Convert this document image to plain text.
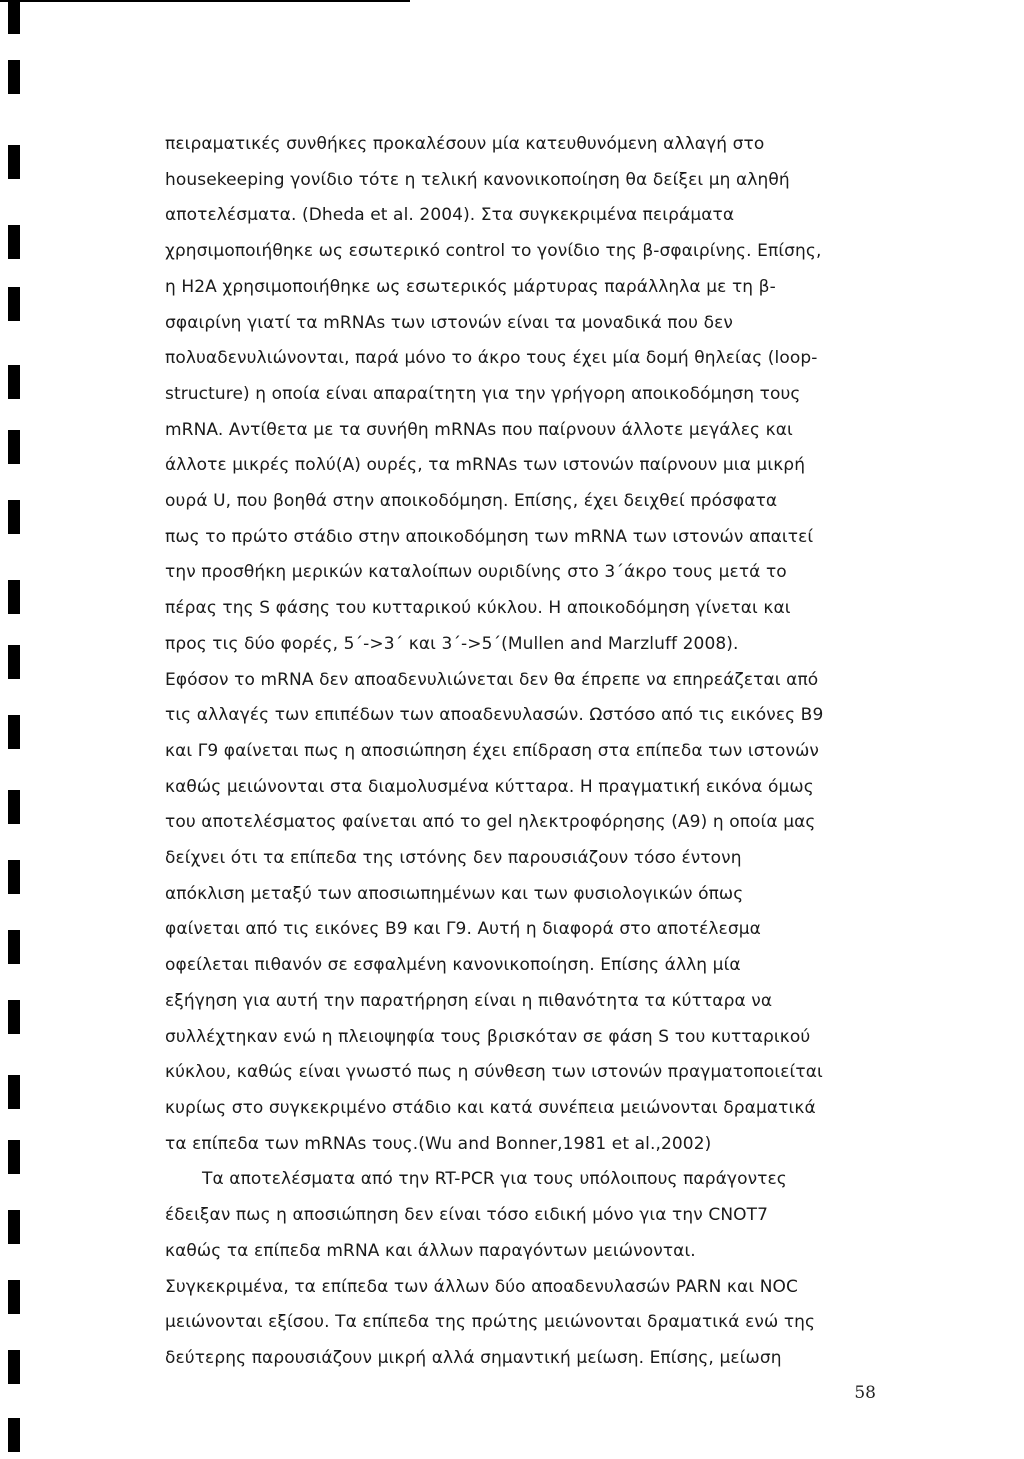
πειραματικές συνθήκες προκαλέσουν μία κατευθυνόμενη αλλαγή στο
housekeeping γονίδιο τότε η τελική κανονικοποίηση θα δείξει μη αληθή
αποτελέσματα. (Dheda et al. 2004). Στα συγκεκριμένα πειράματα
χρησιμοποιήθηκε ως εσωτερικό control το γονίδιο της β-σφαιρίνης. Επίσης,
η H2A χρησιμοποιήθηκε ως εσωτερικός μάρτυρας παράλληλα με τη β-
σφαιρίνη γιατί τα mRNAs των ιστονών είναι τα μοναδικά που δεν
πολυαδενυλιώνονται, παρά μόνο το άκρο τους έχει μία δομή θηλείας (loop-
structure) η οποία είναι απαραίτητη για την γρήγορη αποικοδόμηση τους
mRNA. Αντίθετα με τα συνήθη mRNAs που παίρνουν άλλοτε μεγάλες και
άλλοτε μικρές πολύ(A) ουρές, τα mRNAs των ιστονών παίρνουν μια μικρή
ουρά U, που βοηθά στην αποικοδόμηση. Επίσης, έχει δειχθεί πρόσφατα
πως το πρώτο στάδιο στην αποικοδόμηση των mRNA των ιστονών απαιτεί
την προσθήκη μερικών καταλοίπων ουριδίνης στο 3΄άκρο τους μετά το
πέρας της S φάσης του κυτταρικού κύκλου. Η αποικοδόμηση γίνεται και
προς τις δύο φορές, 5΄->3΄ και 3΄->5΄(Mullen and Marzluff 2008).
Εφόσον το mRNA δεν αποαδενυλιώνεται δεν θα έπρεπε να επηρεάζεται από
τις αλλαγές των επιπέδων των αποαδενυλασών. Ωστόσο από τις εικόνες B9
και Γ9 φαίνεται πως η αποσιώπηση έχει επίδραση στα επίπεδα των ιστονών
καθώς μειώνονται στα διαμολυσμένα κύτταρα. Η πραγματική εικόνα όμως
του αποτελέσματος φαίνεται από το gel ηλεκτροφόρησης (A9) η οποία μας
δείχνει ότι τα επίπεδα της ιστόνης δεν παρουσιάζουν τόσο έντονη
απόκλιση μεταξύ των αποσιωπημένων και των φυσιολογικών όπως
φαίνεται από τις εικόνες B9 και Γ9. Αυτή η διαφορά στο αποτέλεσμα
οφείλεται πιθανόν σε εσφαλμένη κανονικοποίηση. Επίσης άλλη μία
εξήγηση για αυτή την παρατήρηση είναι η πιθανότητα τα κύτταρα να
συλλέχτηκαν ενώ η πλειοψηφία τους βρισκόταν σε φάση S του κυτταρικού
κύκλου, καθώς είναι γνωστό πως η σύνθεση των ιστονών πραγματοποιείται
κυρίως στο συγκεκριμένο στάδιο και κατά συνέπεια μειώνονται δραματικά
τα επίπεδα των mRNAs τους.(Wu and Bonner,1981 et al.,2002)
Τα αποτελέσματα από την RT-PCR για τους υπόλοιπους παράγοντες
έδειξαν πως η αποσιώπηση δεν είναι τόσο ειδική μόνο για την CNOT7
καθώς τα επίπεδα mRNA και άλλων παραγόντων μειώνονται.
Συγκεκριμένα, τα επίπεδα των άλλων δύο αποαδενυλασών PARN και NOC
μειώνονται εξίσου. Τα επίπεδα της πρώτης μειώνονται δραματικά ενώ της
δεύτερης παρουσιάζουν μικρή αλλά σημαντική μείωση. Επίσης, μείωση
58
